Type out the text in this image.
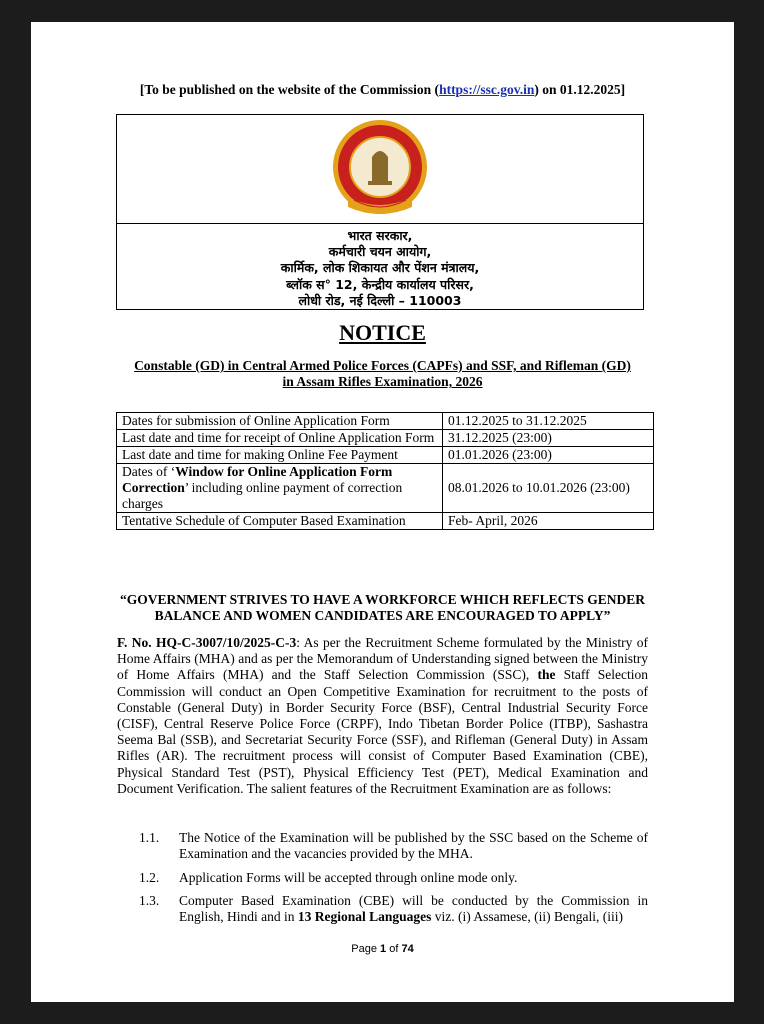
[To be published on the website of the Commission (https://ssc.gov.in) on 01.12.2025]
भारत सरकार,
कर्मचारी चयन आयोग,
कार्मिक, लोक शिकायत और पेंशन मंत्रालय,
ब्लॉक स° 12, केन्द्रीय कार्यालय परिसर,
लोधी रोड, नई दिल्ली – 110003
NOTICE
Constable (GD) in Central Armed Police Forces (CAPFs) and SSF, and Rifleman (GD)
in Assam Rifles Examination, 2026
Dates for submission of Online Application Form	01.12.2025 to 31.12.2025
Last date and time for receipt of Online Application Form	31.12.2025 (23:00)
Last date and time for making Online Fee Payment	01.01.2026 (23:00)
Dates of ‘Window for Online Application Form Correction’ including online payment of correction charges	08.01.2026 to 10.01.2026 (23:00)
Tentative Schedule of Computer Based Examination	Feb- April, 2026
“GOVERNMENT STRIVES TO HAVE A WORKFORCE WHICH REFLECTS GENDER
BALANCE AND WOMEN CANDIDATES ARE ENCOURAGED TO APPLY”
F. No. HQ-C-3007/10/2025-C-3: As per the Recruitment Scheme formulated by the Ministry of Home Affairs (MHA) and as per the Memorandum of Understanding signed between the Ministry of Home Affairs (MHA) and the Staff Selection Commission (SSC), the Staff Selection Commission will conduct an Open Competitive Examination for recruitment to the posts of Constable (General Duty) in Border Security Force (BSF), Central Industrial Security Force (CISF), Central Reserve Police Force (CRPF), Indo Tibetan Border Police (ITBP), Sashastra Seema Bal (SSB), and Secretariat Security Force (SSF), and Rifleman (General Duty) in Assam Rifles (AR). The recruitment process will consist of Computer Based Examination (CBE), Physical Standard Test (PST), Physical Efficiency Test (PET), Medical Examination and Document Verification. The salient features of the Recruitment Examination are as follows:
1.1. The Notice of the Examination will be published by the SSC based on the Scheme of Examination and the vacancies provided by the MHA.
1.2. Application Forms will be accepted through online mode only.
1.3. Computer Based Examination (CBE) will be conducted by the Commission in English, Hindi and in 13 Regional Languages viz. (i) Assamese, (ii) Bengali, (iii)
Page 1 of 74
